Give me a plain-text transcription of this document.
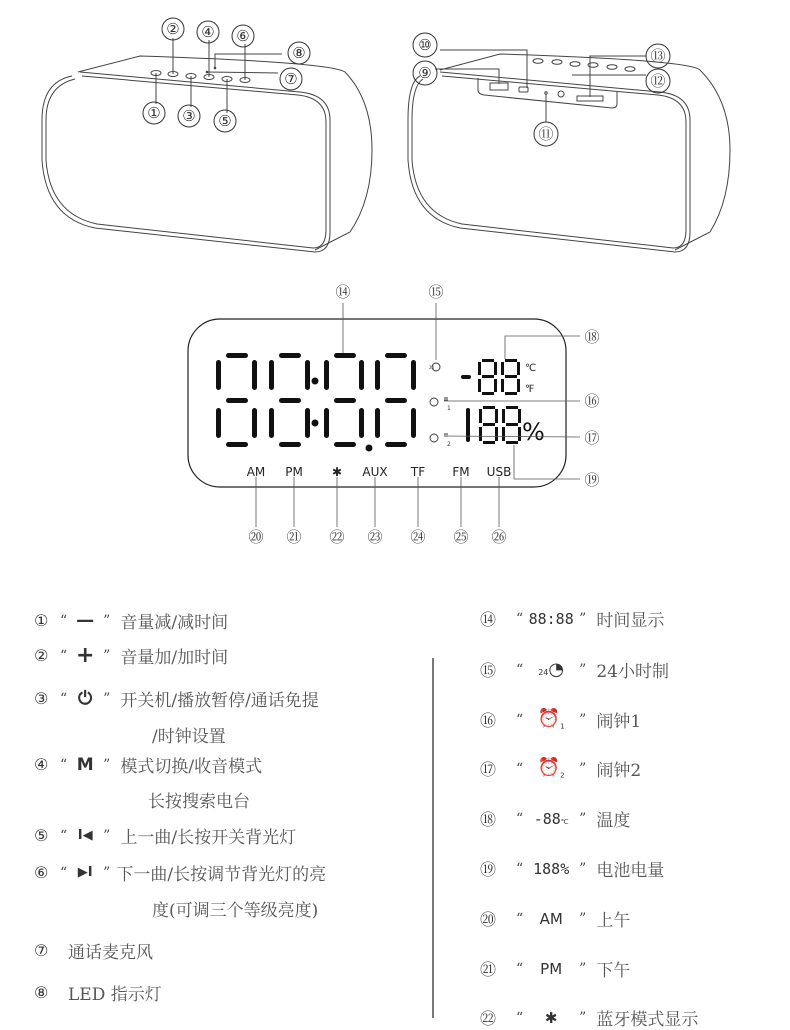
①
②
③
④
⑤
⑥
⑦
⑧
⑨
⑩
⑪
⑫
⑬
24
1
2
℃
℉
%
AM PM ✱ AUX TF FM USB
⑭	⑮
⑯
⑰
⑱
⑲
⑳ ㉑ ㉒ ㉓ ㉔ ㉕ ㉖
① “ — ” 音量减/减时间
② “ + ” 音量加/加时间
③ “ ⏻ ” 开关机/播放暂停/通话免提
/时钟设置
④ “ M ” 模式切换/收音模式
长按搜索电台
⑤ “ I◀ ” 上一曲/长按开关背光灯
⑥ “ ▶I ” 下一曲/长按调节背光灯的亮
度(可调三个等级亮度)
⑦	通话麦克风
⑧	LED 指示灯
⑭	“ 88:88 ” 时间显示
⑮	“	24◔	” 24小时制
⑯	“ $⏰_1$	” 闹钟1
⑰	“ $⏰_2$	” 闹钟2
⑱	“ -88℃ ” 温度
⑲	“ 188% ” 电池电量
⑳	“	AM	” 上午
㉑	“	PM	” 下午
㉒	“	✱	” 蓝牙模式显示
